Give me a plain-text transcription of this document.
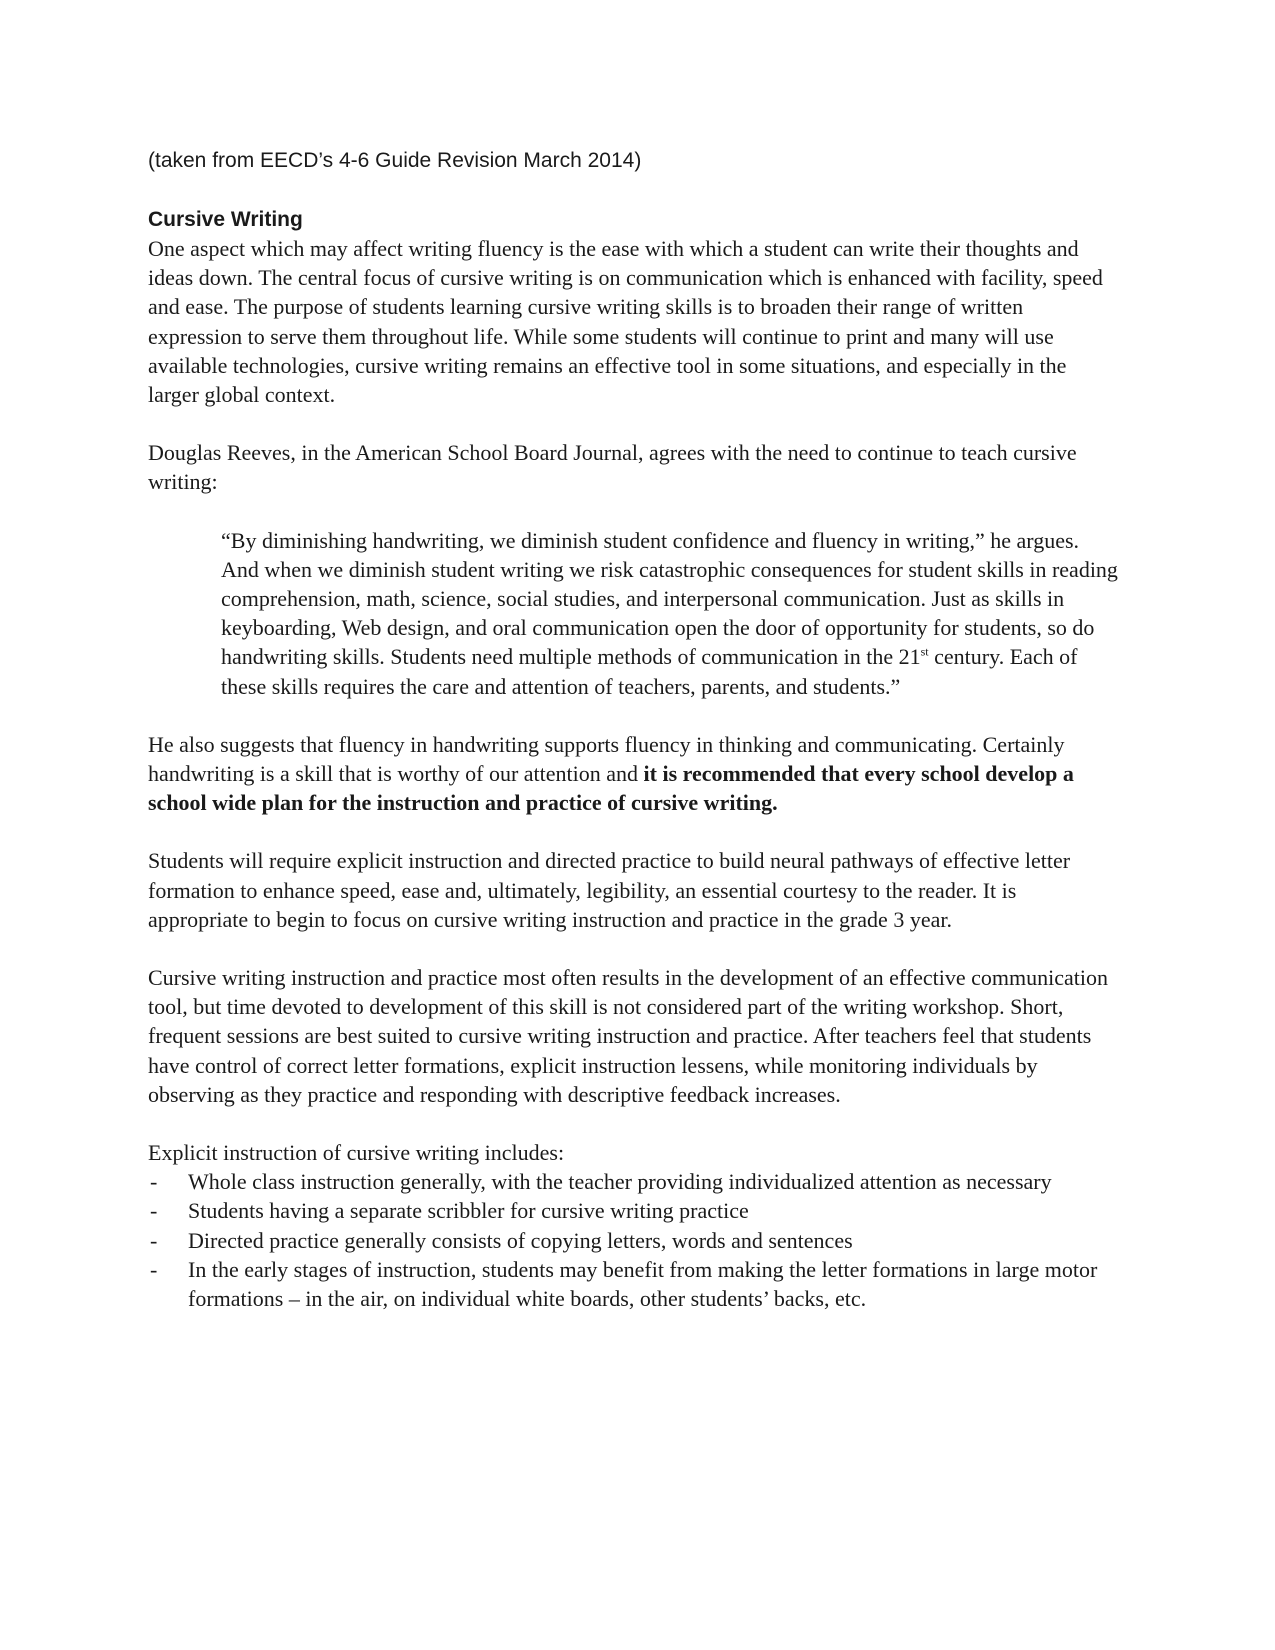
(taken from EECD’s 4-6 Guide Revision March 2014)
Cursive Writing

One aspect which may affect writing fluency is the ease with which a student can write their thoughts and ideas down. The central focus of cursive writing is on communication which is enhanced with facility, speed and ease. The purpose of students learning cursive writing skills is to broaden their range of written expression to serve them throughout life. While some students will continue to print and many will use available technologies, cursive writing remains an effective tool in some situations, and especially in the larger global context.

Douglas Reeves, in the American School Board Journal, agrees with the need to continue to teach cursive writing:

“By diminishing handwriting, we diminish student confidence and fluency in writing,” he argues. And when we diminish student writing we risk catastrophic consequences for student skills in reading comprehension, math, science, social studies, and interpersonal communication. Just as skills in keyboarding, Web design, and oral communication open the door of opportunity for students, so do handwriting skills. Students need multiple methods of communication in the 21st century. Each of these skills requires the care and attention of teachers, parents, and students.”

He also suggests that fluency in handwriting supports fluency in thinking and communicating. Certainly handwriting is a skill that is worthy of our attention and it is recommended that every school develop a school wide plan for the instruction and practice of cursive writing.

Students will require explicit instruction and directed practice to build neural pathways of effective letter formation to enhance speed, ease and, ultimately, legibility, an essential courtesy to the reader. It is appropriate to begin to focus on cursive writing instruction and practice in the grade 3 year.

Cursive writing instruction and practice most often results in the development of an effective communication tool, but time devoted to development of this skill is not considered part of the writing workshop. Short, frequent sessions are best suited to cursive writing instruction and practice. After teachers feel that students have control of correct letter formations, explicit instruction lessens, while monitoring individuals by observing as they practice and responding with descriptive feedback increases.

Explicit instruction of cursive writing includes:
- Whole class instruction generally, with the teacher providing individualized attention as necessary
- Students having a separate scribbler for cursive writing practice
- Directed practice generally consists of copying letters, words and sentences
- In the early stages of instruction, students may benefit from making the letter formations in large motor formations – in the air, on individual white boards, other students’ backs, etc.
